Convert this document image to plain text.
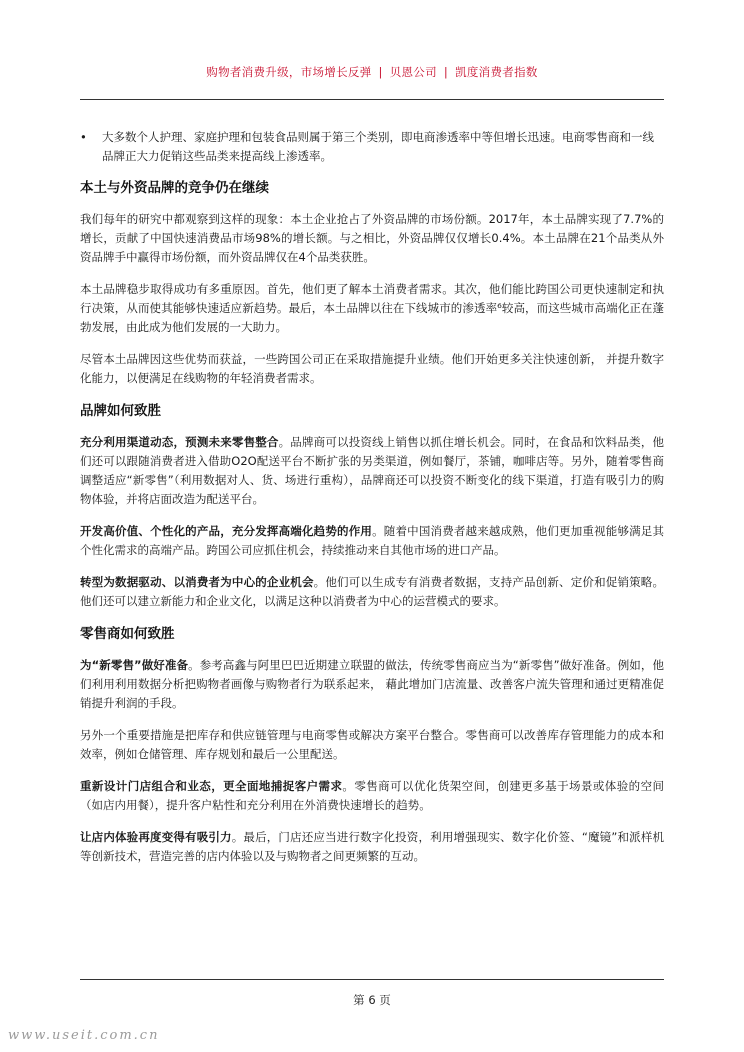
购物者消费升级，市场增长反弹 | 贝恩公司 | 凯度消费者指数
• 大多数个人护理、家庭护理和包装食品则属于第三个类别，即电商渗透率中等但增长迅速。电商零售商和一线品牌正大力促销这些品类来提高线上渗透率。
本土与外资品牌的竞争仍在继续

我们每年的研究中都观察到这样的现象：本土企业抢占了外资品牌的市场份额。2017年，本土品牌实现了7.7%的增长，贡献了中国快速消费品市场98%的增长额。与之相比，外资品牌仅仅增长0.4%。本土品牌在21个品类从外资品牌手中赢得市场份额，而外资品牌仅在4个品类获胜。

本土品牌稳步取得成功有多重原因。首先，他们更了解本土消费者需求。其次，他们能比跨国公司更快速制定和执行决策，从而使其能够快速适应新趋势。最后，本土品牌以往在下线城市的渗透率⁶较高，而这些城市高端化正在蓬勃发展，由此成为他们发展的一大助力。

尽管本土品牌因这些优势而获益，一些跨国公司正在采取措施提升业绩。他们开始更多关注快速创新， 并提升数字化能力，以便满足在线购物的年轻消费者需求。

品牌如何致胜

充分利用渠道动态，预测未来零售整合。品牌商可以投资线上销售以抓住增长机会。同时，在食品和饮料品类，他们还可以跟随消费者进入借助O2O配送平台不断扩张的另类渠道，例如餐厅，茶铺，咖啡店等。另外，随着零售商调整适应“新零售”（利用数据对人、货、场进行重构），品牌商还可以投资不断变化的线下渠道，打造有吸引力的购物体验，并将店面改造为配送平台。

开发高价值、个性化的产品，充分发挥高端化趋势的作用。随着中国消费者越来越成熟，他们更加重视能够满足其个性化需求的高端产品。跨国公司应抓住机会，持续推动来自其他市场的进口产品。

转型为数据驱动、以消费者为中心的企业机会。他们可以生成专有消费者数据，支持产品创新、定价和促销策略。他们还可以建立新能力和企业文化，以满足这种以消费者为中心的运营模式的要求。

零售商如何致胜

为“新零售”做好准备。参考高鑫与阿里巴巴近期建立联盟的做法，传统零售商应当为“新零售”做好准备。例如，他们利用利用数据分析把购物者画像与购物者行为联系起来， 藉此增加门店流量、改善客户流失管理和通过更精准促销提升利润的手段。

另外一个重要措施是把库存和供应链管理与电商零售或解决方案平台整合。零售商可以改善库存管理能力的成本和效率，例如仓储管理、库存规划和最后一公里配送。

重新设计门店组合和业态，更全面地捕捉客户需求。零售商可以优化货架空间，创建更多基于场景或体验的空间（如店内用餐），提升客户粘性和充分利用在外消费快速增长的趋势。

让店内体验再度变得有吸引力。最后，门店还应当进行数字化投资，利用增强现实、数字化价签、“魔镜”和派样机等创新技术，营造完善的店内体验以及与购物者之间更频繁的互动。

第 6 页
www.useit.com.cn
